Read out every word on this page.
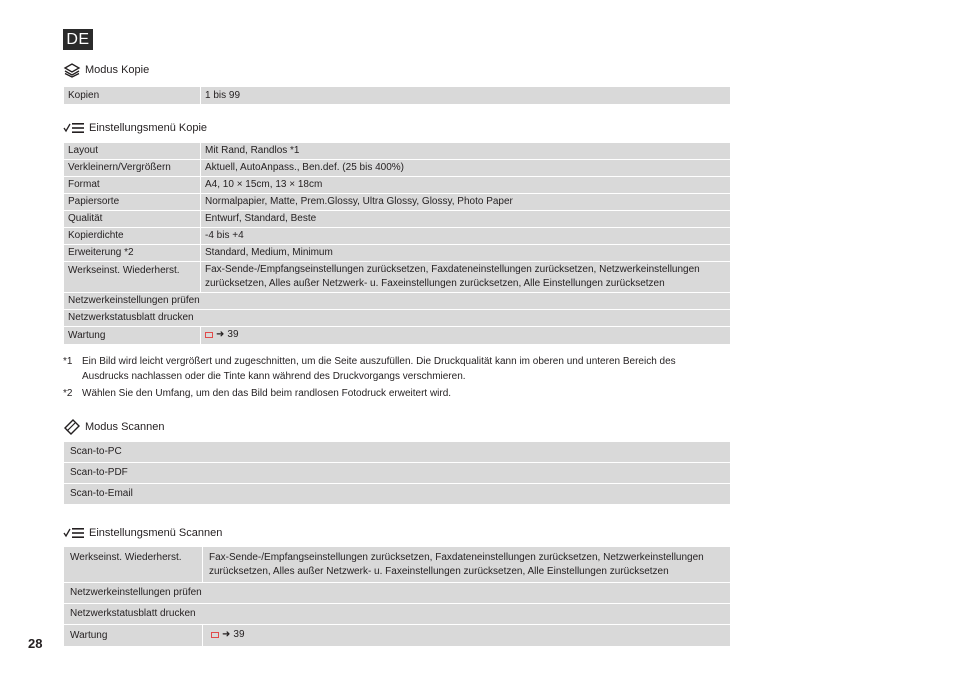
DE
Modus Kopie
Kopien	1 bis 99
Einstellungsmenü Kopie
Layout	Mit Rand, Randlos *1
Verkleinern/Vergrößern	Aktuell, AutoAnpass., Ben.def. (25 bis 400%)
Format	A4, 10 × 15cm, 13 × 18cm
Papiersorte	Normalpapier, Matte, Prem.Glossy, Ultra Glossy, Glossy, Photo Paper
Qualität	Entwurf, Standard, Beste
Kopierdichte	-4 bis +4
Erweiterung *2	Standard, Medium, Minimum
Werkseinst. Wiederherst.	Fax-Sende-/Empfangseinstellungen zurücksetzen, Faxdateneinstellungen zurücksetzen, Netzwerkeinstellungen zurücksetzen, Alles außer Netzwerk- u. Faxeinstellungen zurücksetzen, Alle Einstellungen zurücksetzen
Netzwerkeinstellungen prüfen	
Netzwerkstatusblatt drucken	
Wartung	➜ 39
*1 Ein Bild wird leicht vergrößert und zugeschnitten, um die Seite auszufüllen. Die Druckqualität kann im oberen und unteren Bereich des Ausdrucks nachlassen oder die Tinte kann während des Druckvorgangs verschmieren.
*2 Wählen Sie den Umfang, um den das Bild beim randlosen Fotodruck erweitert wird.
Modus Scannen
Scan-to-PC
Scan-to-PDF
Scan-to-Email
Einstellungsmenü Scannen
Werkseinst. Wiederherst.	Fax-Sende-/Empfangseinstellungen zurücksetzen, Faxdateneinstellungen zurücksetzen, Netzwerkeinstellungen zurücksetzen, Alles außer Netzwerk- u. Faxeinstellungen zurücksetzen, Alle Einstellungen zurücksetzen
Netzwerkeinstellungen prüfen	
Netzwerkstatusblatt drucken	
Wartung	➜ 39
28
